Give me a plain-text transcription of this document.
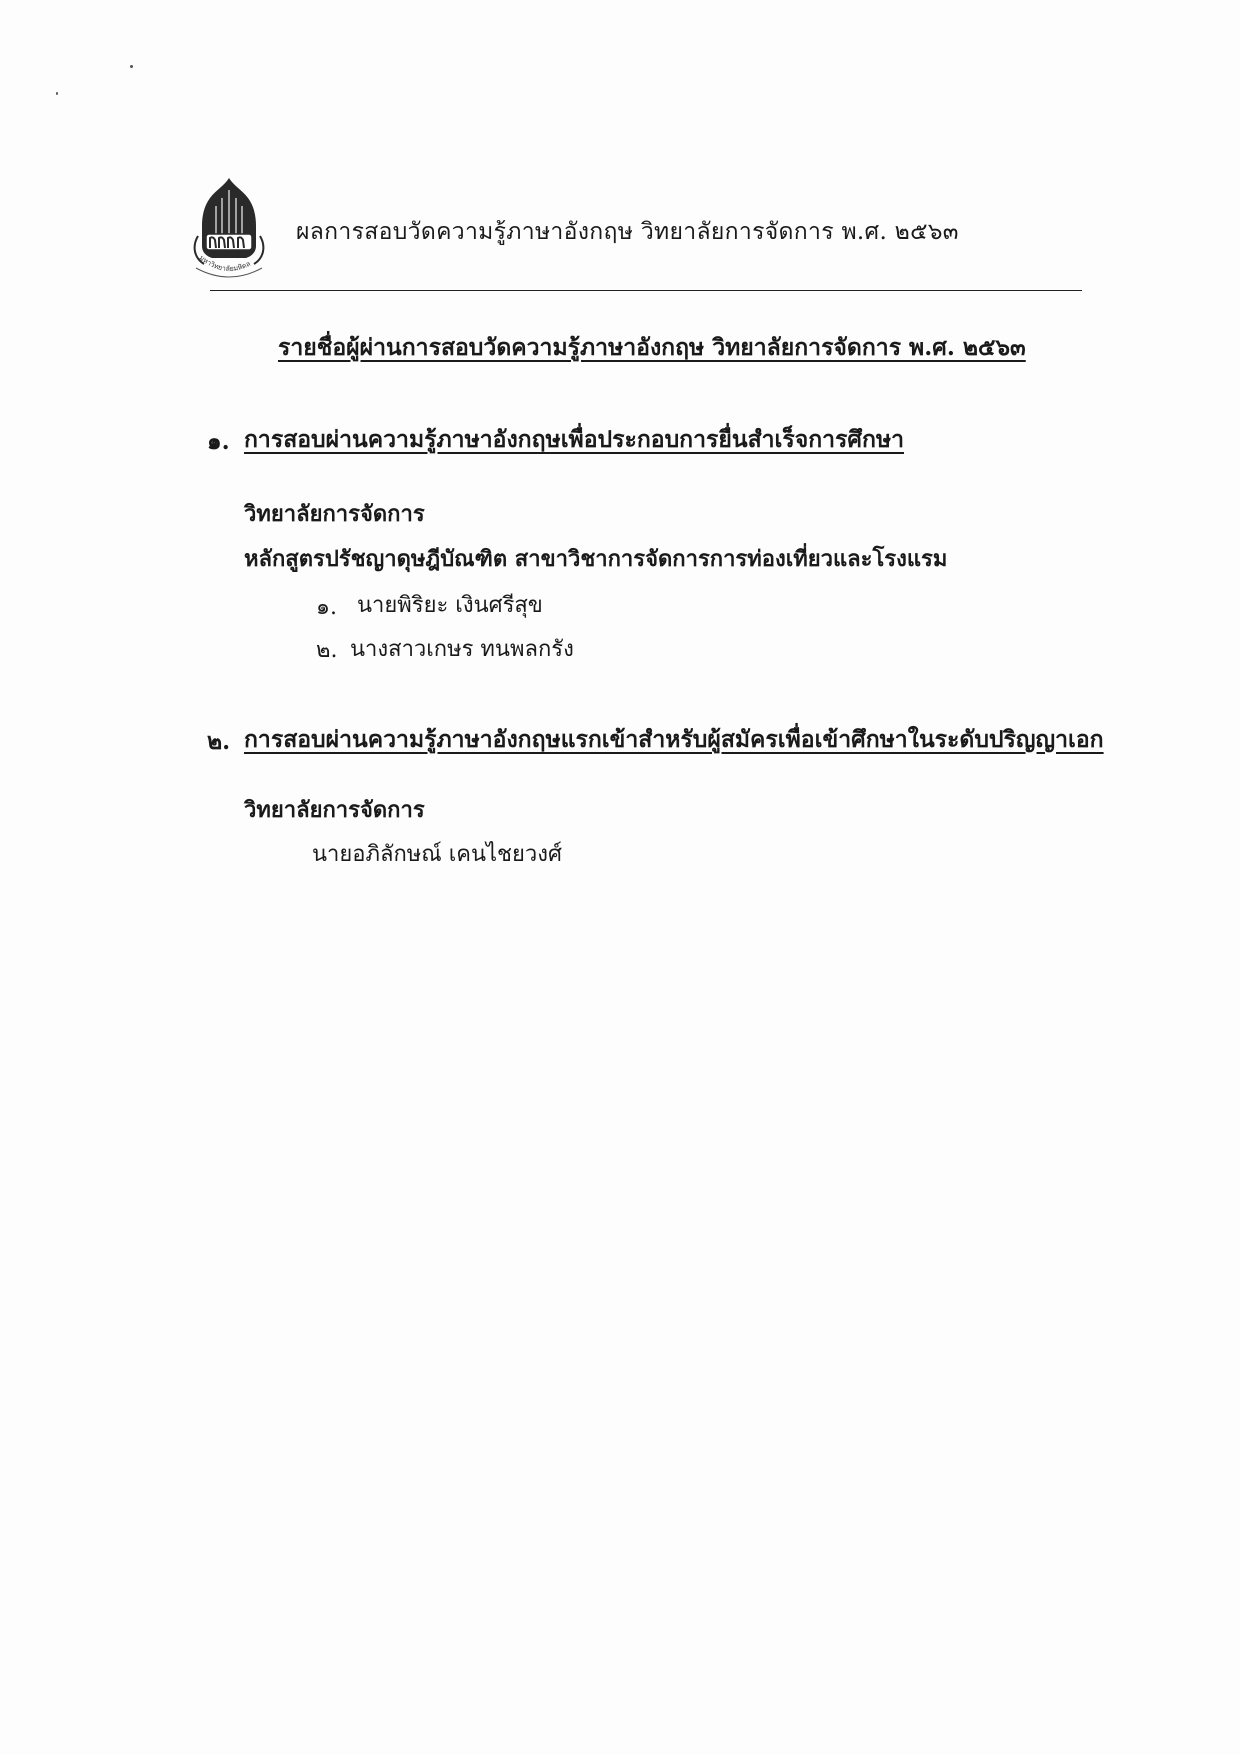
มหาวิทยาลัยมหิดล
ผลการสอบวัดความรู้ภาษาอังกฤษ วิทยาลัยการจัดการ พ.ศ. ๒๕๖๓
รายชื่อผู้ผ่านการสอบวัดความรู้ภาษาอังกฤษ วิทยาลัยการจัดการ พ.ศ. ๒๕๖๓
๑. การสอบผ่านความรู้ภาษาอังกฤษเพื่อประกอบการยื่นสำเร็จการศึกษา
วิทยาลัยการจัดการ
หลักสูตรปรัชญาดุษฎีบัณฑิต สาขาวิชาการจัดการการท่องเที่ยวและโรงแรม
๑. นายพิริยะ เงินศรีสุข
๒. นางสาวเกษร ทนพลกรัง
๒. การสอบผ่านความรู้ภาษาอังกฤษแรกเข้าสำหรับผู้สมัครเพื่อเข้าศึกษาในระดับปริญญาเอก
วิทยาลัยการจัดการ
นายอภิลักษณ์ เคนไชยวงศ์
